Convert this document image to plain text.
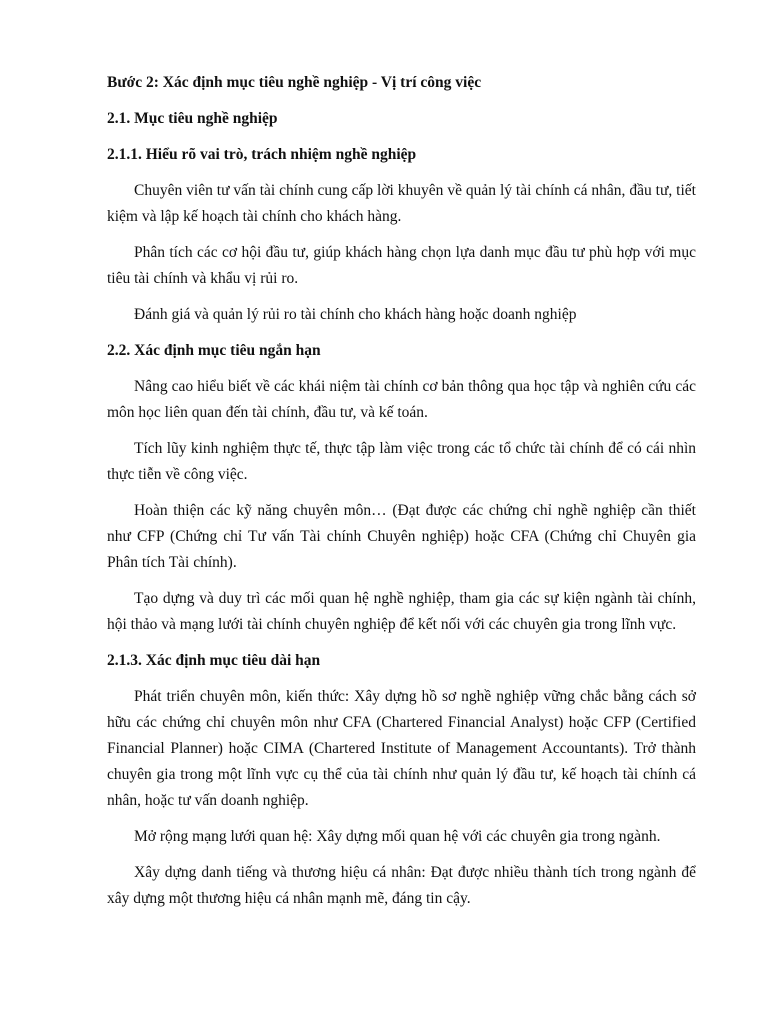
Bước 2: Xác định mục tiêu nghề nghiệp - Vị trí công việc
2.1. Mục tiêu nghề nghiệp
2.1.1. Hiểu rõ vai trò, trách nhiệm nghề nghiệp

Chuyên viên tư vấn tài chính cung cấp lời khuyên về quản lý tài chính cá nhân, đầu tư, tiết kiệm và lập kế hoạch tài chính cho khách hàng.

Phân tích các cơ hội đầu tư, giúp khách hàng chọn lựa danh mục đầu tư phù hợp với mục tiêu tài chính và khẩu vị rủi ro.

Đánh giá và quản lý rủi ro tài chính cho khách hàng hoặc doanh nghiệp

2.2. Xác định mục tiêu ngắn hạn

Nâng cao hiểu biết về các khái niệm tài chính cơ bản thông qua học tập và nghiên cứu các môn học liên quan đến tài chính, đầu tư, và kế toán.

Tích lũy kinh nghiệm thực tế, thực tập làm việc trong các tổ chức tài chính để có cái nhìn thực tiễn về công việc.

Hoàn thiện các kỹ năng chuyên môn… (Đạt được các chứng chỉ nghề nghiệp cần thiết như CFP (Chứng chỉ Tư vấn Tài chính Chuyên nghiệp) hoặc CFA (Chứng chỉ Chuyên gia Phân tích Tài chính).

Tạo dựng và duy trì các mối quan hệ nghề nghiệp, tham gia các sự kiện ngành tài chính, hội thảo và mạng lưới tài chính chuyên nghiệp để kết nối với các chuyên gia trong lĩnh vực.

2.1.3. Xác định mục tiêu dài hạn

Phát triển chuyên môn, kiến thức: Xây dựng hồ sơ nghề nghiệp vững chắc bằng cách sở hữu các chứng chỉ chuyên môn như CFA (Chartered Financial Analyst) hoặc CFP (Certified Financial Planner) hoặc CIMA (Chartered Institute of Management Accountants). Trở thành chuyên gia trong một lĩnh vực cụ thể của tài chính như quản lý đầu tư, kế hoạch tài chính cá nhân, hoặc tư vấn doanh nghiệp.

Mở rộng mạng lưới quan hệ: Xây dựng mối quan hệ với các chuyên gia trong ngành.

Xây dựng danh tiếng và thương hiệu cá nhân: Đạt được nhiều thành tích trong ngành để xây dựng một thương hiệu cá nhân mạnh mẽ, đáng tin cậy.
